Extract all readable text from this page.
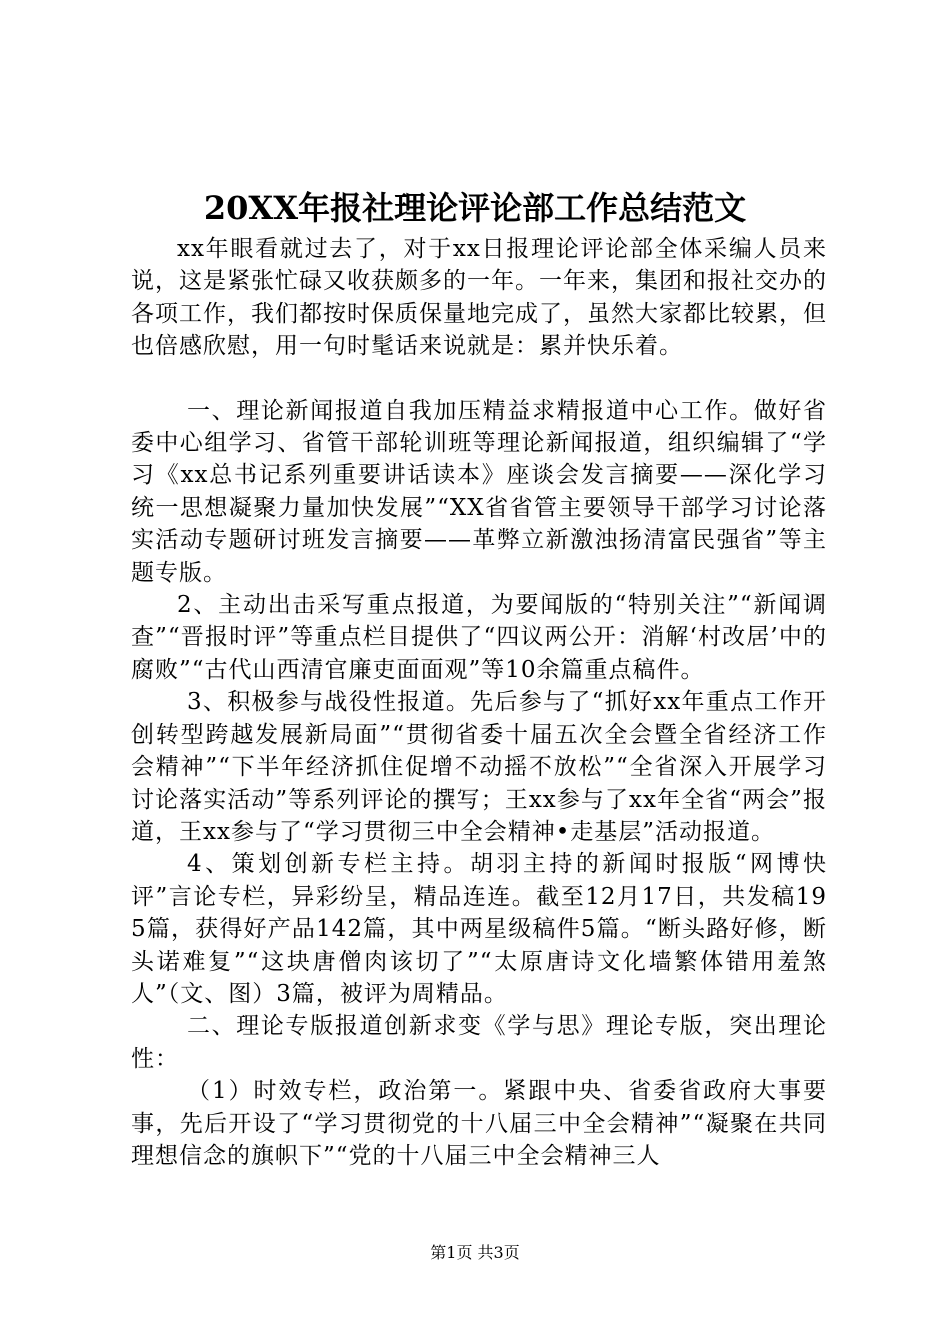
20XX年报社理论评论部工作总结范文

xx年眼看就过去了，对于xx日报理论评论部全体采编人员来说，这是紧张忙碌又收获颇多的一年。一年来，集团和报社交办的各项工作，我们都按时保质保量地完成了，虽然大家都比较累，但也倍感欣慰，用一句时髦话来说就是：累并快乐着。

一、理论新闻报道自我加压精益求精报道中心工作。做好省委中心组学习、省管干部轮训班等理论新闻报道，组织编辑了“学习《xx总书记系列重要讲话读本》座谈会发言摘要——深化学习统一思想凝聚力量加快发展”“XX省省管主要领导干部学习讨论落实活动专题研讨班发言摘要——革弊立新激浊扬清富民强省”等主题专版。

2、主动出击采写重点报道，为要闻版的“特别关注”“新闻调查”“晋报时评”等重点栏目提供了“四议两公开：消解‘村改居’中的腐败”“古代山西清官廉吏面面观”等10余篇重点稿件。

3、积极参与战役性报道。先后参与了“抓好xx年重点工作开创转型跨越发展新局面”“贯彻省委十届五次全会暨全省经济工作会精神”“下半年经济抓住促增不动摇不放松”“全省深入开展学习讨论落实活动”等系列评论的撰写；王xx参与了xx年全省“两会”报道，王xx参与了“学习贯彻三中全会精神•走基层”活动报道。

4、策划创新专栏主持。胡羽主持的新闻时报版“网博快评”言论专栏，异彩纷呈，精品连连。截至12月17日，共发稿195篇，获得好产品142篇，其中两星级稿件5篇。“断头路好修，断头诺难复”“这块唐僧肉该切了”“太原唐诗文化墙繁体错用羞煞人”（文、图）3篇，被评为周精品。

二、理论专版报道创新求变《学与思》理论专版，突出理论性：

（1）时效专栏，政治第一。紧跟中央、省委省政府大事要事，先后开设了“学习贯彻党的十八届三中全会精神”“凝聚在共同理想信念的旗帜下”“党的十八届三中全会精神三人

第1页 共3页
